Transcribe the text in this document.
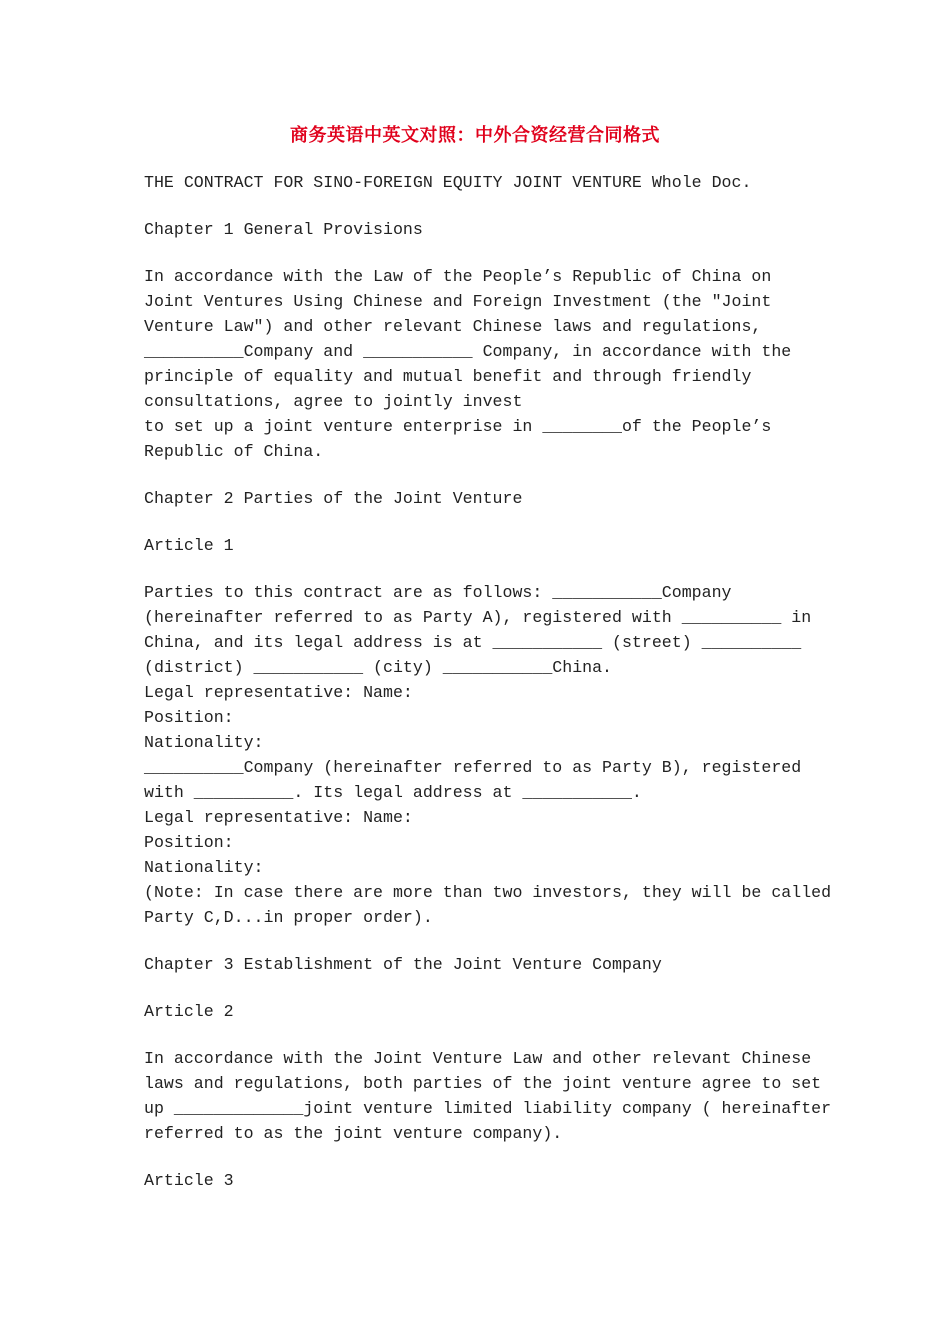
商务英语中英文对照：中外合资经营合同格式

THE CONTRACT FOR SINO-FOREIGN EQUITY JOINT VENTURE Whole Doc.

Chapter 1 General Provisions

In accordance with the Law of the People’s Republic of China on
Joint Ventures Using Chinese and Foreign Investment (the "Joint
Venture Law") and other relevant Chinese laws and regulations,
__________Company and ___________ Company, in accordance with the
principle of equality and mutual benefit and through friendly
consultations, agree to jointly invest
to set up a joint venture enterprise in ________of the People’s
Republic of China.

Chapter 2 Parties of the Joint Venture

Article 1

Parties to this contract are as follows: ___________Company
(hereinafter referred to as Party A), registered with __________ in
China, and its legal address is at ___________ (street) __________
(district) ___________ (city) ___________China.
Legal representative: Name:
Position:
Nationality:
__________Company (hereinafter referred to as Party B), registered
with __________. Its legal address at ___________.
Legal representative: Name:
Position:
Nationality:
(Note: In case there are more than two investors, they will be called
Party C,D...in proper order).

Chapter 3 Establishment of the Joint Venture Company

Article 2

In accordance with the Joint Venture Law and other relevant Chinese
laws and regulations, both parties of the joint venture agree to set
up _____________joint venture limited liability company ( hereinafter
referred to as the joint venture company).

Article 3
